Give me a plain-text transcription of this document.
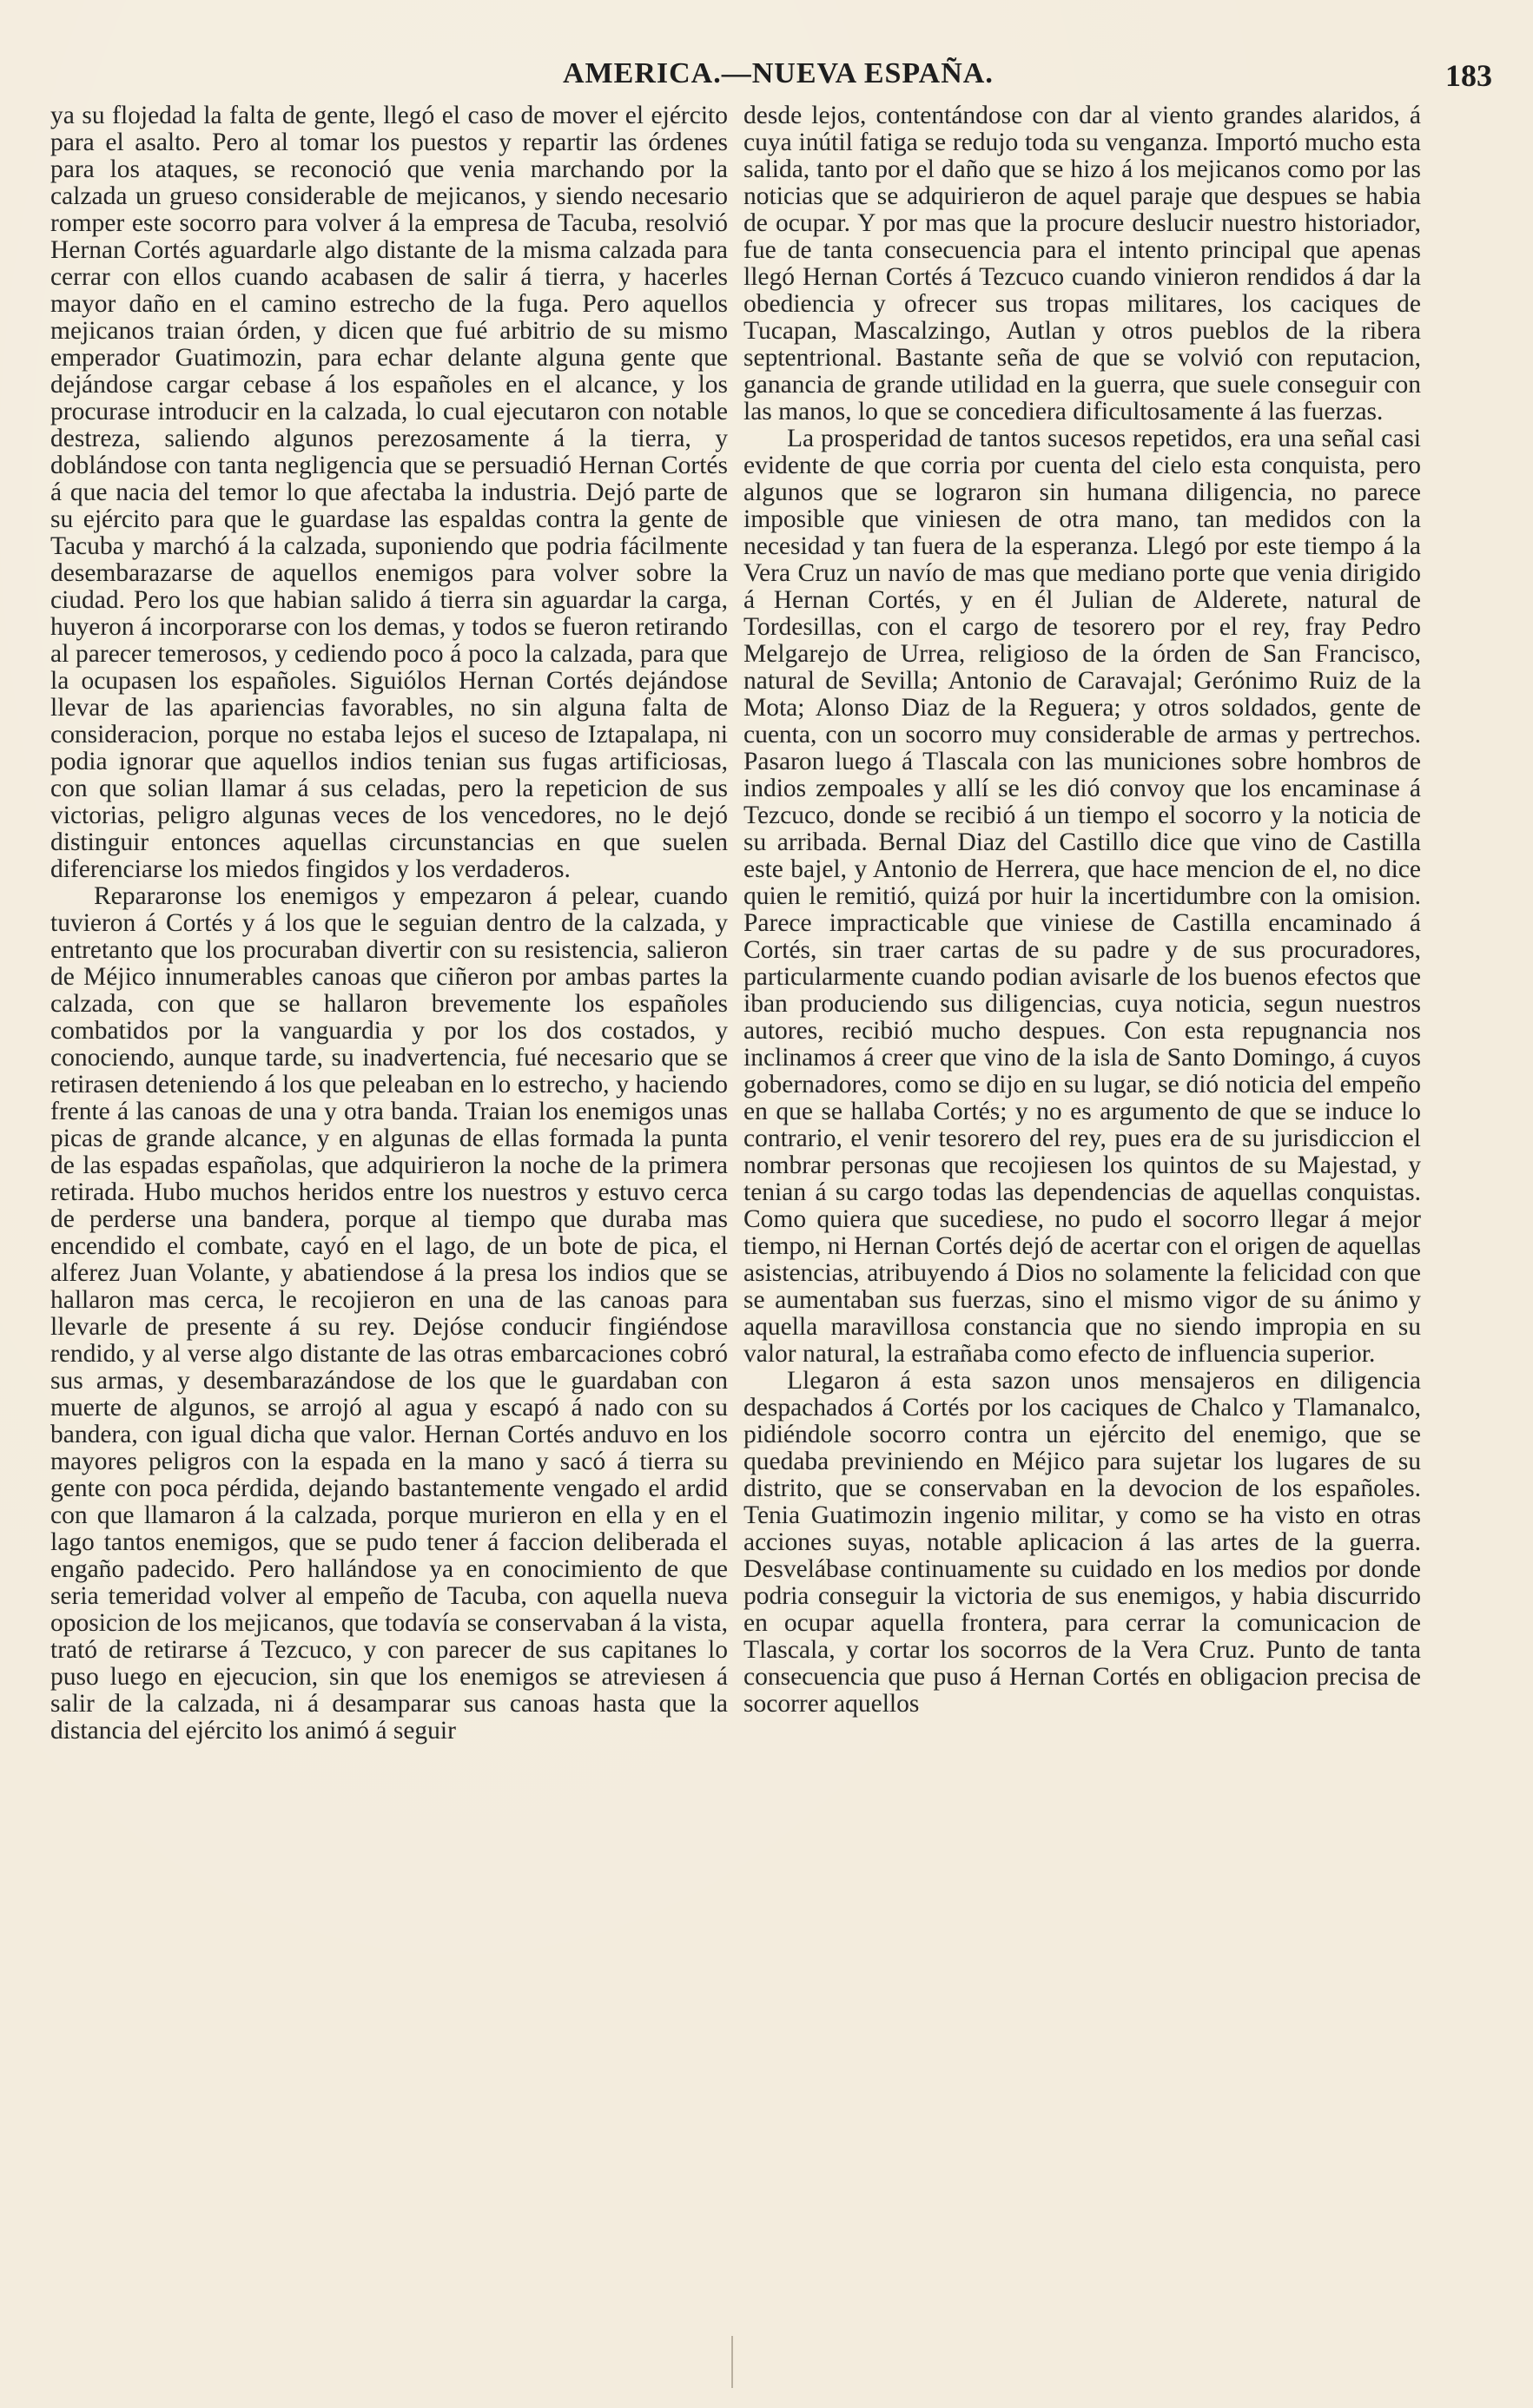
AMERICA.—NUEVA ESPAÑA.	183

ya su flojedad la falta de gente, llegó el caso de mover el ejército para el asalto. Pero al tomar los puestos y repartir las órdenes para los ataques, se reconoció que venia marchando por la calzada un grueso considerable de mejicanos, y siendo necesario romper este socorro para volver á la empresa de Tacuba, resolvió Hernan Cortés aguardarle algo distante de la misma calzada para cerrar con ellos cuando acabasen de salir á tierra, y hacerles mayor daño en el camino estrecho de la fuga. Pero aquellos mejicanos traian órden, y dicen que fué arbitrio de su mismo emperador Guatimozin, para echar delante alguna gente que dejándose cargar cebase á los españoles en el alcance, y los procurase introducir en la calzada, lo cual ejecutaron con notable destreza, saliendo algunos perezosamente á la tierra, y doblándose con tanta negligencia que se persuadió Hernan Cortés á que nacia del temor lo que afectaba la industria. Dejó parte de su ejército para que le guardase las espaldas contra la gente de Tacuba y marchó á la calzada, suponiendo que podria fácilmente desembarazarse de aquellos enemigos para volver sobre la ciudad. Pero los que habian salido á tierra sin aguardar la carga, huyeron á incorporarse con los demas, y todos se fueron retirando al parecer temerosos, y cediendo poco á poco la calzada, para que la ocupasen los españoles. Siguiólos Hernan Cortés dejándose llevar de las apariencias favorables, no sin alguna falta de consideracion, porque no estaba lejos el suceso de Iztapalapa, ni podia ignorar que aquellos indios tenian sus fugas artificiosas, con que solian llamar á sus celadas, pero la repeticion de sus victorias, peligro algunas veces de los vencedores, no le dejó distinguir entonces aquellas circunstancias en que suelen diferenciarse los miedos fingidos y los verdaderos.

Repararonse los enemigos y empezaron á pelear, cuando tuvieron á Cortés y á los que le seguian dentro de la calzada, y entretanto que los procuraban divertir con su resistencia, salieron de Méjico innumerables canoas que ciñeron por ambas partes la calzada, con que se hallaron brevemente los españoles combatidos por la vanguardia y por los dos costados, y conociendo, aunque tarde, su inadvertencia, fué necesario que se retirasen deteniendo á los que peleaban en lo estrecho, y haciendo frente á las canoas de una y otra banda. Traian los enemigos unas picas de grande alcance, y en algunas de ellas formada la punta de las espadas españolas, que adquirieron la noche de la primera retirada. Hubo muchos heridos entre los nuestros y estuvo cerca de perderse una bandera, porque al tiempo que duraba mas encendido el combate, cayó en el lago, de un bote de pica, el alferez Juan Volante, y abatiendose á la presa los indios que se hallaron mas cerca, le recojieron en una de las canoas para llevarle de presente á su rey. Dejóse conducir fingiéndose rendido, y al verse algo distante de las otras embarcaciones cobró sus armas, y desembarazándose de los que le guardaban con muerte de algunos, se arrojó al agua y escapó á nado con su bandera, con igual dicha que valor. Hernan Cortés anduvo en los mayores peligros con la espada en la mano y sacó á tierra su gente con poca pérdida, dejando bastantemente vengado el ardid con que llamaron á la calzada, porque murieron en ella y en el lago tantos enemigos, que se pudo tener á faccion deliberada el engaño padecido. Pero hallándose ya en conocimiento de que seria temeridad volver al empeño de Tacuba, con aquella nueva oposicion de los mejicanos, que todavía se conservaban á la vista, trató de retirarse á Tezcuco, y con parecer de sus capitanes lo puso luego en ejecucion, sin que los enemigos se atreviesen á salir de la calzada, ni á desamparar sus canoas hasta que la distancia del ejército los animó á seguir

desde lejos, contentándose con dar al viento grandes alaridos, á cuya inútil fatiga se redujo toda su venganza. Importó mucho esta salida, tanto por el daño que se hizo á los mejicanos como por las noticias que se adquirieron de aquel paraje que despues se habia de ocupar. Y por mas que la procure deslucir nuestro historiador, fue de tanta consecuencia para el intento principal que apenas llegó Hernan Cortés á Tezcuco cuando vinieron rendidos á dar la obediencia y ofrecer sus tropas militares, los caciques de Tucapan, Mascalzingo, Autlan y otros pueblos de la ribera septentrional. Bastante seña de que se volvió con reputacion, ganancia de grande utilidad en la guerra, que suele conseguir con las manos, lo que se concediera dificultosamente á las fuerzas.

La prosperidad de tantos sucesos repetidos, era una señal casi evidente de que corria por cuenta del cielo esta conquista, pero algunos que se lograron sin humana diligencia, no parece imposible que viniesen de otra mano, tan medidos con la necesidad y tan fuera de la esperanza. Llegó por este tiempo á la Vera Cruz un navío de mas que mediano porte que venia dirigido á Hernan Cortés, y en él Julian de Alderete, natural de Tordesillas, con el cargo de tesorero por el rey, fray Pedro Melgarejo de Urrea, religioso de la órden de San Francisco, natural de Sevilla; Antonio de Caravajal; Gerónimo Ruiz de la Mota; Alonso Diaz de la Reguera; y otros soldados, gente de cuenta, con un socorro muy considerable de armas y pertrechos. Pasaron luego á Tlascala con las municiones sobre hombros de indios zempoales y allí se les dió convoy que los encaminase á Tezcuco, donde se recibió á un tiempo el socorro y la noticia de su arribada. Bernal Diaz del Castillo dice que vino de Castilla este bajel, y Antonio de Herrera, que hace mencion de el, no dice quien le remitió, quizá por huir la incertidumbre con la omision. Parece impracticable que viniese de Castilla encaminado á Cortés, sin traer cartas de su padre y de sus procuradores, particularmente cuando podian avisarle de los buenos efectos que iban produciendo sus diligencias, cuya noticia, segun nuestros autores, recibió mucho despues. Con esta repugnancia nos inclinamos á creer que vino de la isla de Santo Domingo, á cuyos gobernadores, como se dijo en su lugar, se dió noticia del empeño en que se hallaba Cortés; y no es argumento de que se induce lo contrario, el venir tesorero del rey, pues era de su jurisdiccion el nombrar personas que recojiesen los quintos de su Majestad, y tenian á su cargo todas las dependencias de aquellas conquistas. Como quiera que sucediese, no pudo el socorro llegar á mejor tiempo, ni Hernan Cortés dejó de acertar con el origen de aquellas asistencias, atribuyendo á Dios no solamente la felicidad con que se aumentaban sus fuerzas, sino el mismo vigor de su ánimo y aquella maravillosa constancia que no siendo impropia en su valor natural, la estrañaba como efecto de influencia superior.

Llegaron á esta sazon unos mensajeros en diligencia despachados á Cortés por los caciques de Chalco y Tlamanalco, pidiéndole socorro contra un ejército del enemigo, que se quedaba previniendo en Méjico para sujetar los lugares de su distrito, que se conservaban en la devocion de los españoles. Tenia Guatimozin ingenio militar, y como se ha visto en otras acciones suyas, notable aplicacion á las artes de la guerra. Desvelábase continuamente su cuidado en los medios por donde podria conseguir la victoria de sus enemigos, y habia discurrido en ocupar aquella frontera, para cerrar la comunicacion de Tlascala, y cortar los socorros de la Vera Cruz. Punto de tanta consecuencia que puso á Hernan Cortés en obligacion precisa de socorrer aquellos
